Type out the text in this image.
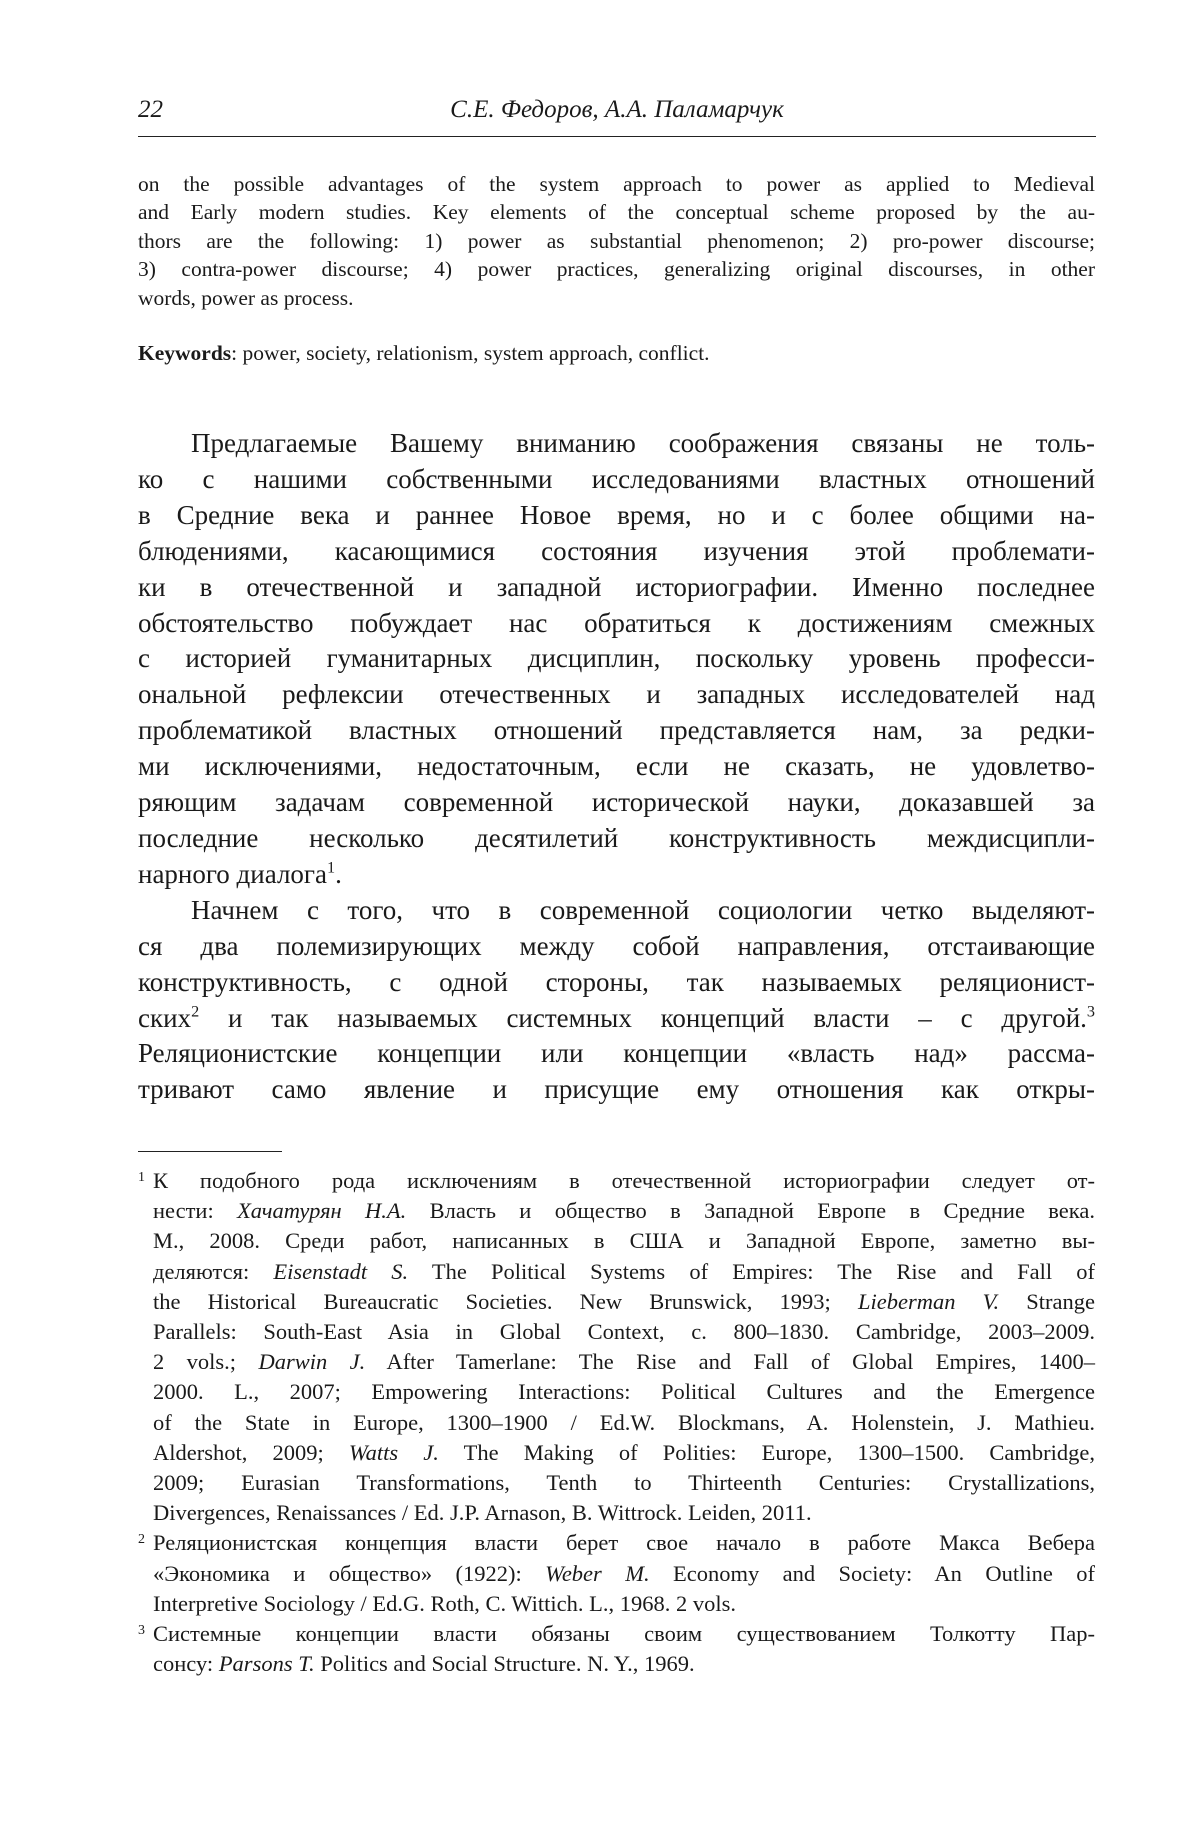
22	С.Е. Федоров, А.А. Паламарчук
on the possible advantages of the system approach to power as applied to Medieval
and Early modern studies. Key elements of the conceptual scheme proposed by the au-
thors are the following: 1) power as substantial phenomenon; 2) pro-power discourse;
3) contra-power discourse; 4) power practices, generalizing original discourses, in other
words, power as process.
Keywords: power, society, relationism, system approach, conflict.
Предлагаемые Вашему вниманию соображения связаны не толь-
ко с нашими собственными исследованиями властных отношений
в Средние века и раннее Новое время, но и с более общими на-
блюдениями, касающимися состояния изучения этой проблемати-
ки в отечественной и западной историографии. Именно последнее
обстоятельство побуждает нас обратиться к достижениям смежных
с историей гуманитарных дисциплин, поскольку уровень професси-
ональной рефлексии отечественных и западных исследователей над
проблематикой властных отношений представляется нам, за редки-
ми исключениями, недостаточным, если не сказать, не удовлетво-
ряющим задачам современной исторической науки, доказавшей за
последние несколько десятилетий конструктивность междисципли-
нарного диалога1.
Начнем с того, что в современной социологии четко выделяют-
ся два полемизирующих между собой направления, отстаивающие
конструктивность, с одной стороны, так называемых реляционист-
ских2 и так называемых системных концепций власти – с другой.3
Реляционистские концепции или концепции «власть над» рассма-
тривают само явление и присущие ему отношения как откры-
1 К подобного рода исключениям в отечественной историографии следует от-
нести: Хачатурян Н.А. Власть и общество в Западной Европе в Средние века.
М., 2008. Среди работ, написанных в США и Западной Европе, заметно вы-
деляются: Eisenstadt S. The Political Systems of Empires: The Rise and Fall of
the Historical Bureaucratic Societies. New Brunswick, 1993; Lieberman V. Strange
Parallels: South-East Asia in Global Context, c. 800–1830. Cambridge, 2003–2009.
2 vols.; Darwin J. After Tamerlane: The Rise and Fall of Global Empires, 1400–
2000. L., 2007; Empowering Interactions: Political Cultures and the Emergence
of the State in Europe, 1300–1900 / Ed.W. Blockmans, A. Holenstein, J. Mathieu.
Aldershot, 2009; Watts J. The Making of Polities: Europe, 1300–1500. Cambridge,
2009; Eurasian Transformations, Tenth to Thirteenth Centuries: Crystallizations,
Divergences, Renaissances / Ed. J.P. Arnason, B. Wittrock. Leiden, 2011.
2 Реляционистская концепция власти берет свое начало в работе Макса Вебера
«Экономика и общество» (1922): Weber M. Economy and Society: An Outline of
Interpretive Sociology / Ed.G. Roth, C. Wittich. L., 1968. 2 vols.
3 Системные концепции власти обязаны своим существованием Толкотту Пар-
сонсу: Parsons T. Politics and Social Structure. N. Y., 1969.
